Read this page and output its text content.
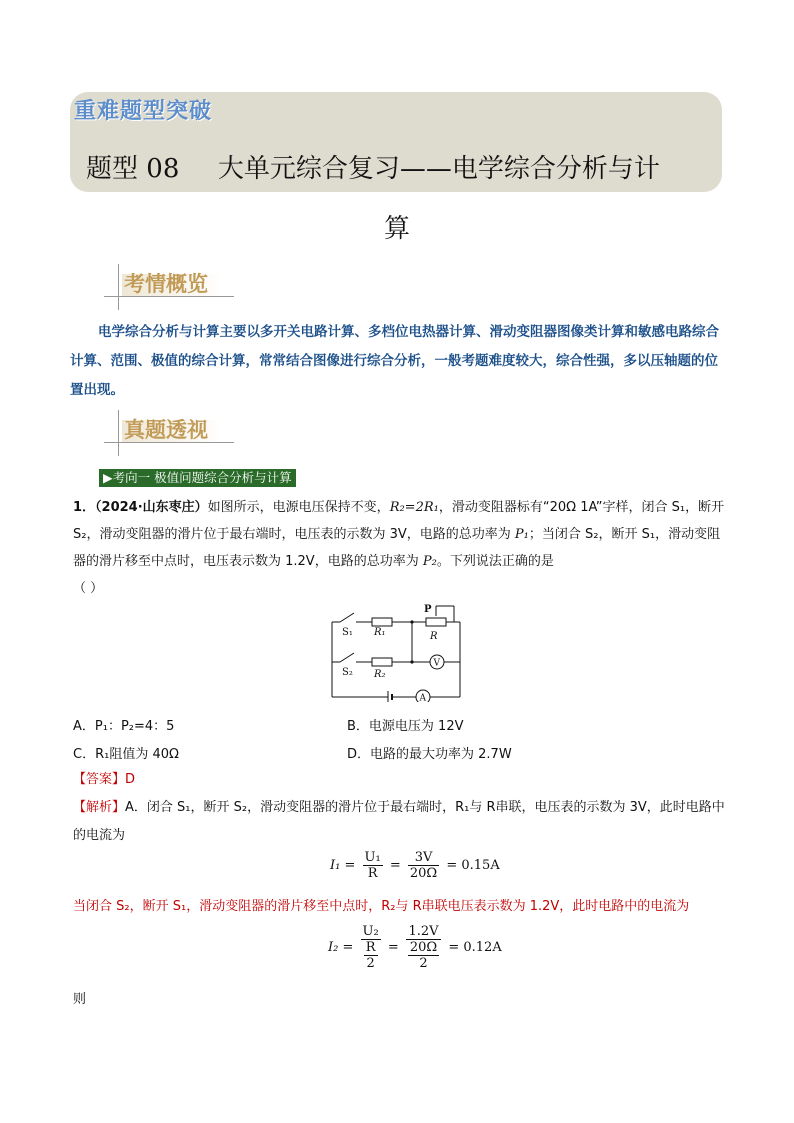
重难题型突破
题型 08 大单元综合复习——电学综合分析与计
算
考情概览
电学综合分析与计算主要以多开关电路计算、多档位电热器计算、滑动变阻器图像类计算和敏感电路综合计算、范围、极值的综合计算，常常结合图像进行综合分析，一般考题难度较大，综合性强，多以压轴题的位置出现。
真题透视
▶考向一 极值问题综合分析与计算
1．（2024·山东枣庄）如图所示，电源电压保持不变，R₂=2R₁，滑动变阻器标有“20Ω 1A”字样，闭合 S₁，断开 S₂，滑动变阻器的滑片位于最右端时，电压表的示数为 3V，电路的总功率为 P₁；当闭合 S₂，断开 S₁，滑动变阻器的滑片移至中点时，电压表示数为 1.2V，电路的总功率为 P₂。下列说法正确的是
（ ）
S₁ R₁	R
P
S₂ R₂
V
A
A．P₁：P₂=4：5	B．电源电压为 12V
C．R₁阻值为 40Ω	D．电路的最大功率为 2.7W
【答案】D
【解析】A．闭合 S₁，断开 S₂，滑动变阻器的滑片位于最右端时，R₁与 R串联，电压表的示数为 3V，此时电路中的电流为
$I_1 = \frac{\text{U₁}}{R} = \frac{3V}{20\Omega} = 0.15A$
当闭合 S₂，断开 S₁，滑动变阻器的滑片移至中点时，R₂与 R串联电压表示数为 1.2V，此时电路中的电流为
$I_2 = \frac{\text{U₂}}{\frac{R}{2}} = \frac{1.2V}{\frac{20\Omega}{2}} = 0.12A$
则
